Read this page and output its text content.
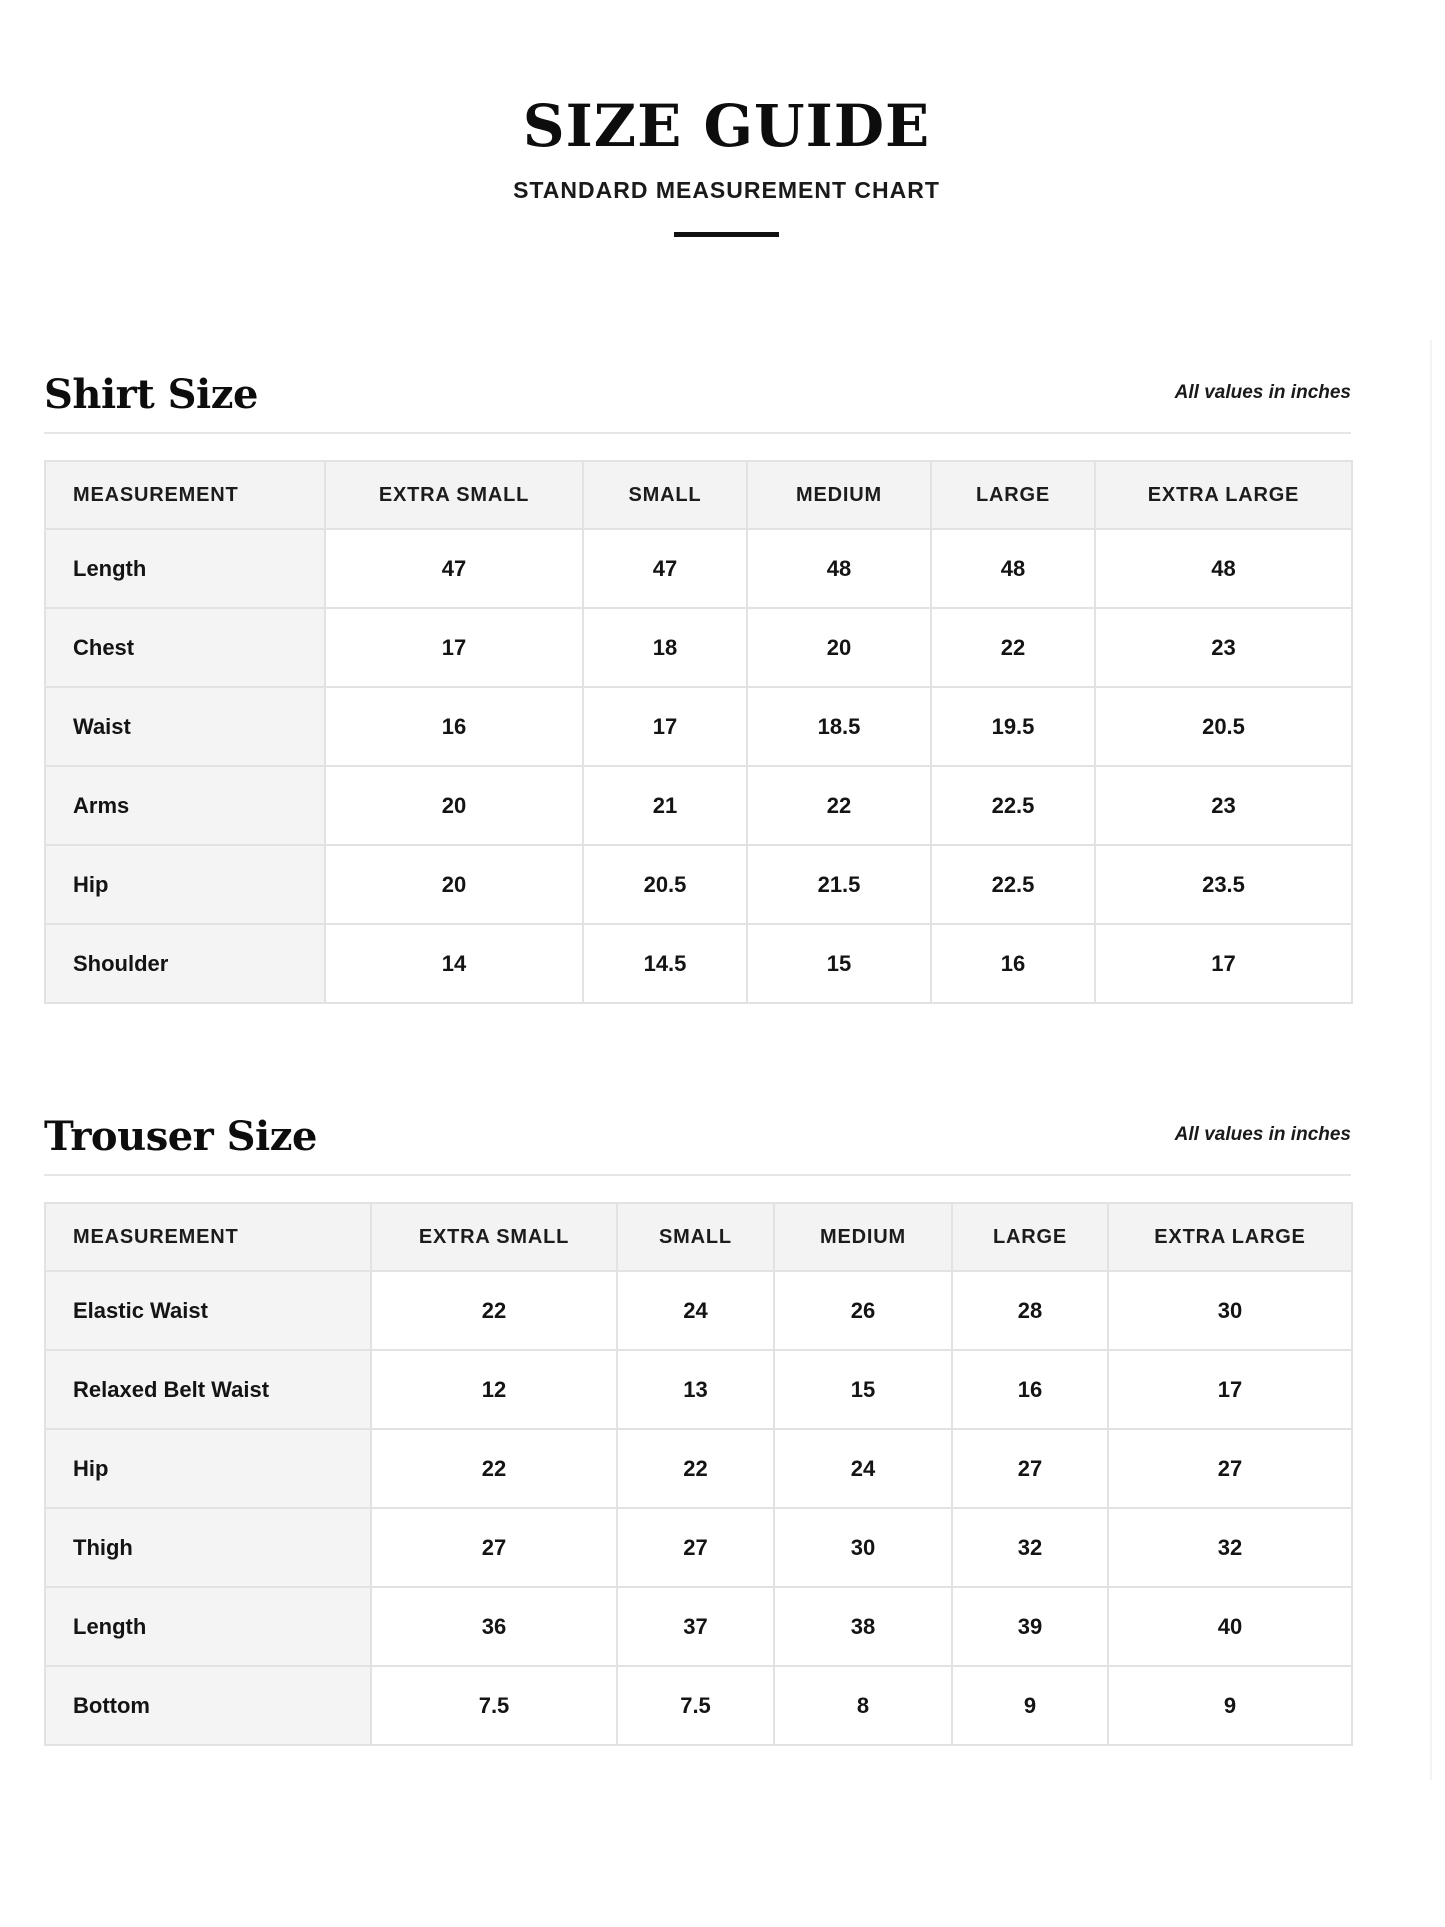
SIZE GUIDE
STANDARD MEASUREMENT CHART
Shirt Size	All values in inches
MEASUREMENT	EXTRA SMALL	SMALL	MEDIUM	LARGE	EXTRA LARGE
Length	47	47	48	48	48
Chest	17	18	20	22	23
Waist	16	17	18.5	19.5	20.5
Arms	20	21	22	22.5	23
Hip	20	20.5	21.5	22.5	23.5
Shoulder	14	14.5	15	16	17
Trouser Size	All values in inches
MEASUREMENT	EXTRA SMALL	SMALL	MEDIUM	LARGE	EXTRA LARGE
Elastic Waist	22	24	26	28	30
Relaxed Belt Waist	12	13	15	16	17
Hip	22	22	24	27	27
Thigh	27	27	30	32	32
Length	36	37	38	39	40
Bottom	7.5	7.5	8	9	9
